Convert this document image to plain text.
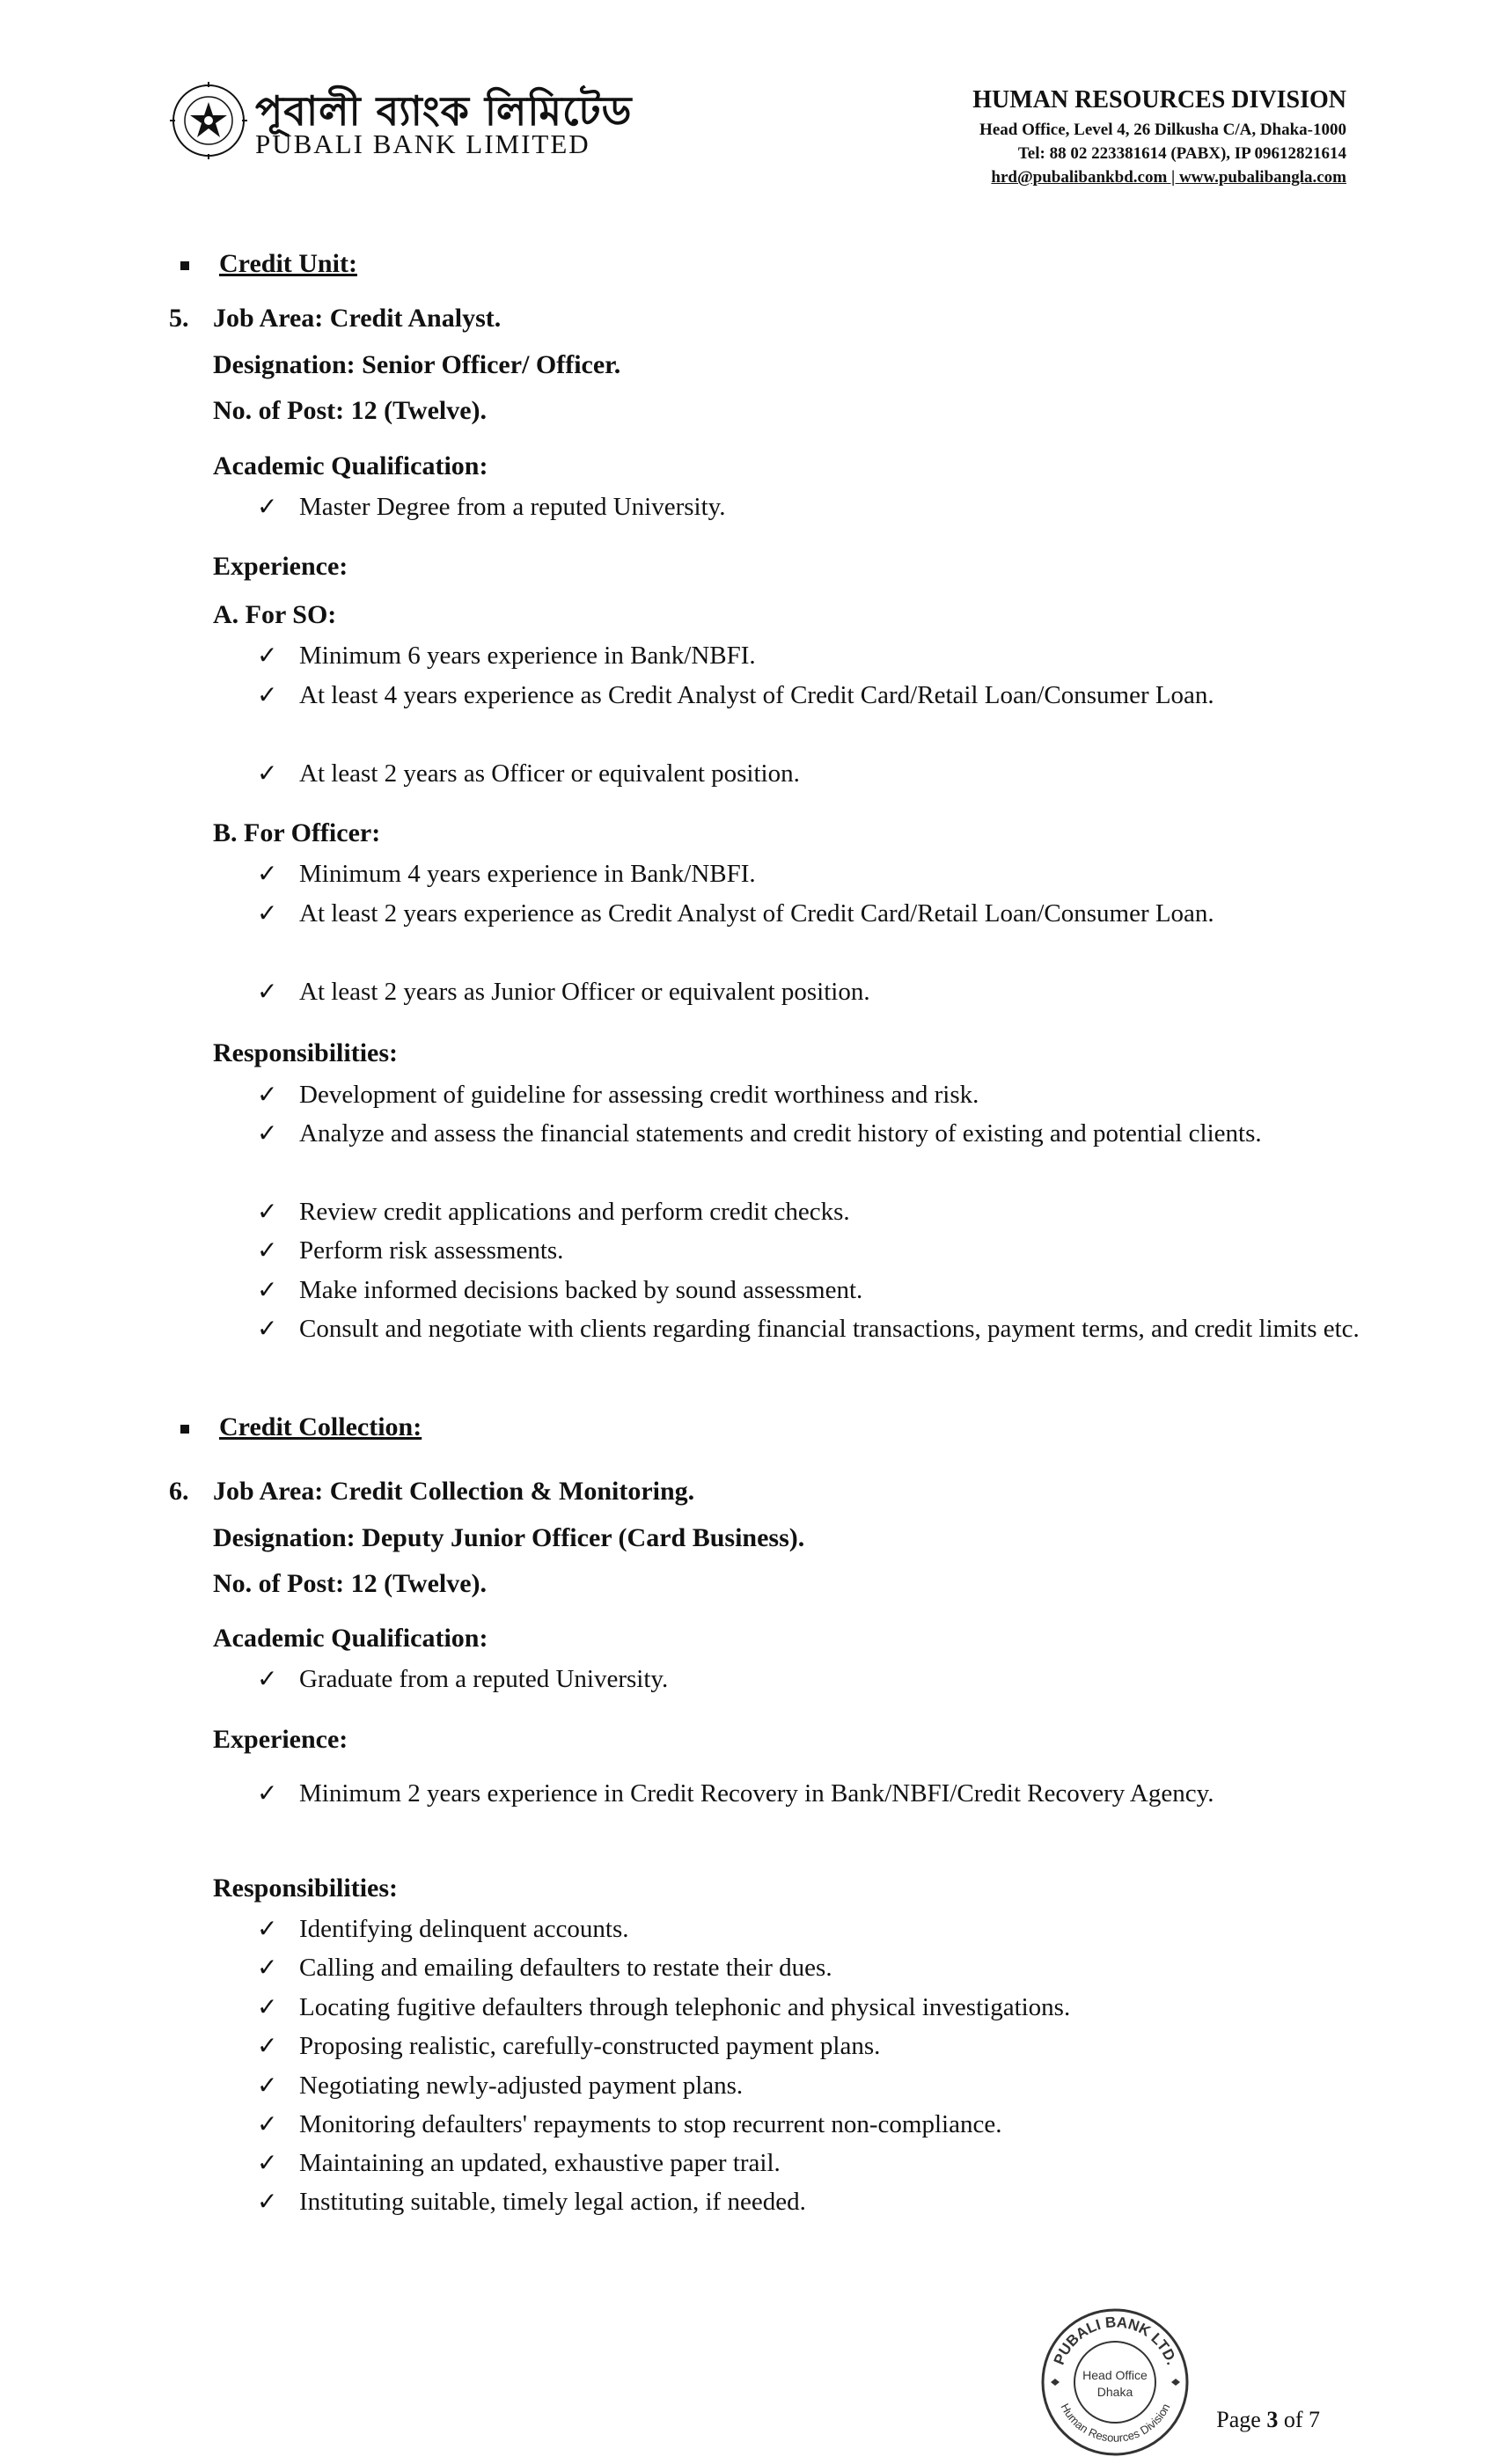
পূবালী ব্যাংক লিমিটেড
PUBALI BANK LIMITED
HUMAN RESOURCES DIVISION
Head Office, Level 4, 26 Dilkusha C/A, Dhaka-1000
Tel: 88 02 223381614 (PABX), IP 09612821614
hrd@pubalibankbd.com | www.pubalibangla.com
Credit Unit:
5. Job Area: Credit Analyst.
Designation: Senior Officer/ Officer.
No. of Post: 12 (Twelve).
Academic Qualification:
✓ Master Degree from a reputed University.
Experience:
A. For SO:
✓ Minimum 6 years experience in Bank/NBFI.
✓ At least 4 years experience as Credit Analyst of Credit Card/Retail Loan/Consumer Loan.
✓ At least 2 years as Officer or equivalent position.
B. For Officer:
✓ Minimum 4 years experience in Bank/NBFI.
✓ At least 2 years experience as Credit Analyst of Credit Card/Retail Loan/Consumer Loan.
✓ At least 2 years as Junior Officer or equivalent position.
Responsibilities:
✓ Development of guideline for assessing credit worthiness and risk.
✓ Analyze and assess the financial statements and credit history of existing and potential clients.
✓ Review credit applications and perform credit checks.
✓ Perform risk assessments.
✓ Make informed decisions backed by sound assessment.
✓ Consult and negotiate with clients regarding financial transactions, payment terms, and credit limits etc.
Credit Collection:
6. Job Area: Credit Collection & Monitoring.
Designation: Deputy Junior Officer (Card Business).
No. of Post: 12 (Twelve).
Academic Qualification:
✓ Graduate from a reputed University.
Experience:
✓ Minimum 2 years experience in Credit Recovery in Bank/NBFI/Credit Recovery Agency.
Responsibilities:
✓ Identifying delinquent accounts.
✓ Calling and emailing defaulters to restate their dues.
✓ Locating fugitive defaulters through telephonic and physical investigations.
✓ Proposing realistic, carefully-constructed payment plans.
✓ Negotiating newly-adjusted payment plans.
✓ Monitoring defaulters' repayments to stop recurrent non-compliance.
✓ Maintaining an updated, exhaustive paper trail.
✓ Instituting suitable, timely legal action, if needed.
PUBALI BANK LTD.
Human Resources Division
Head Office
Dhaka
Page 3 of 7
